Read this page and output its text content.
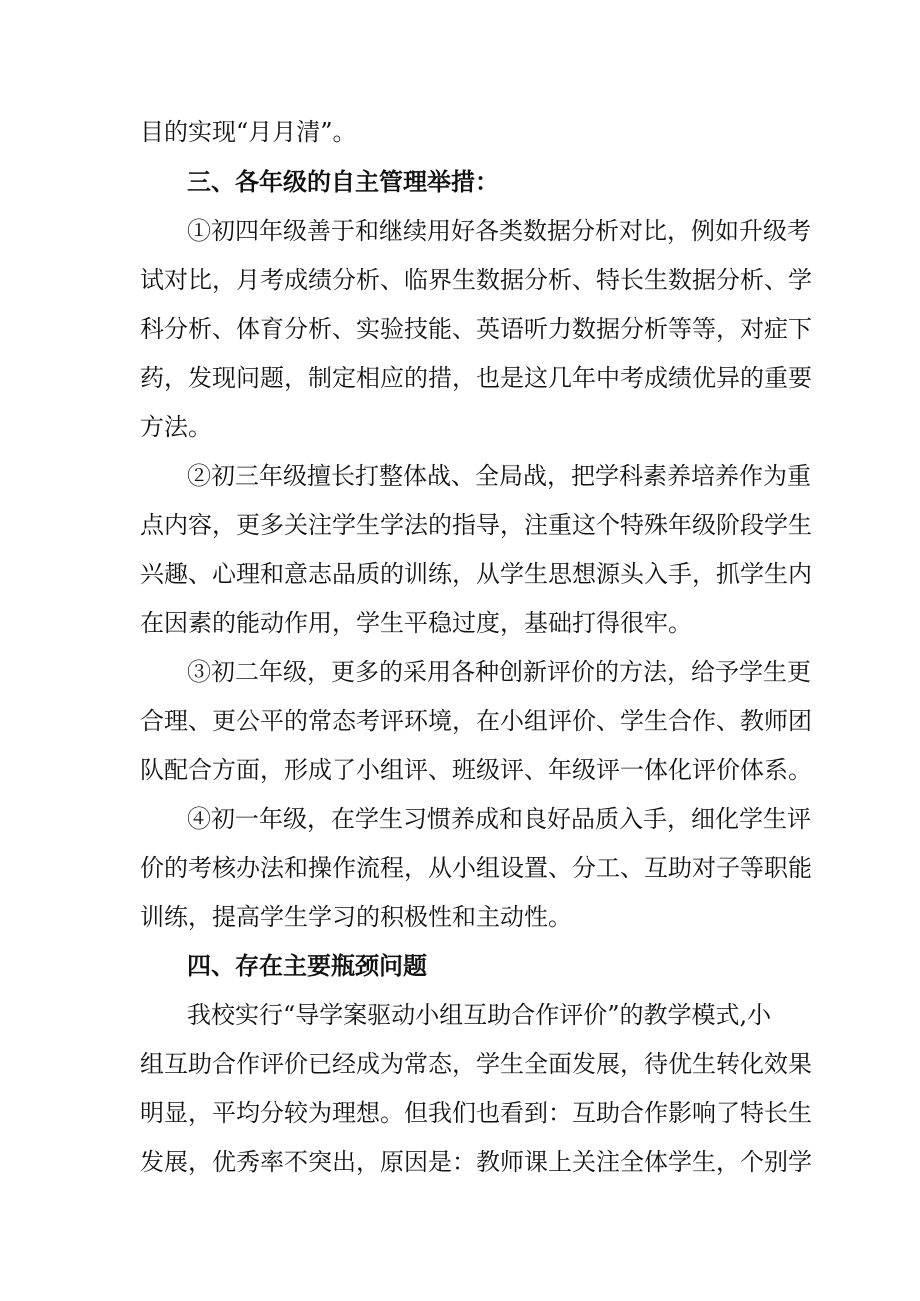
目的实现“月月清”。
三、各年级的自主管理举措：
①初四年级善于和继续用好各类数据分析对比，例如升级考
试对比，月考成绩分析、临界生数据分析、特长生数据分析、学
科分析、体育分析、实验技能、英语听力数据分析等等，对症下
药，发现问题，制定相应的措，也是这几年中考成绩优异的重要
方法。
②初三年级擅长打整体战、全局战，把学科素养培养作为重
点内容，更多关注学生学法的指导，注重这个特殊年级阶段学生
兴趣、心理和意志品质的训练，从学生思想源头入手，抓学生内
在因素的能动作用，学生平稳过度，基础打得很牢。
③初二年级，更多的采用各种创新评价的方法，给予学生更
合理、更公平的常态考评环境，在小组评价、学生合作、教师团
队配合方面，形成了小组评、班级评、年级评一体化评价体系。
④初一年级，在学生习惯养成和良好品质入手，细化学生评
价的考核办法和操作流程，从小组设置、分工、互助对子等职能
训练，提高学生学习的积极性和主动性。
四、存在主要瓶颈问题
我校实行“导学案驱动小组互助合作评价”的教学模式,小
组互助合作评价已经成为常态，学生全面发展，待优生转化效果
明显，平均分较为理想。但我们也看到：互助合作影响了特长生
发展，优秀率不突出，原因是：教师课上关注全体学生，个别学
